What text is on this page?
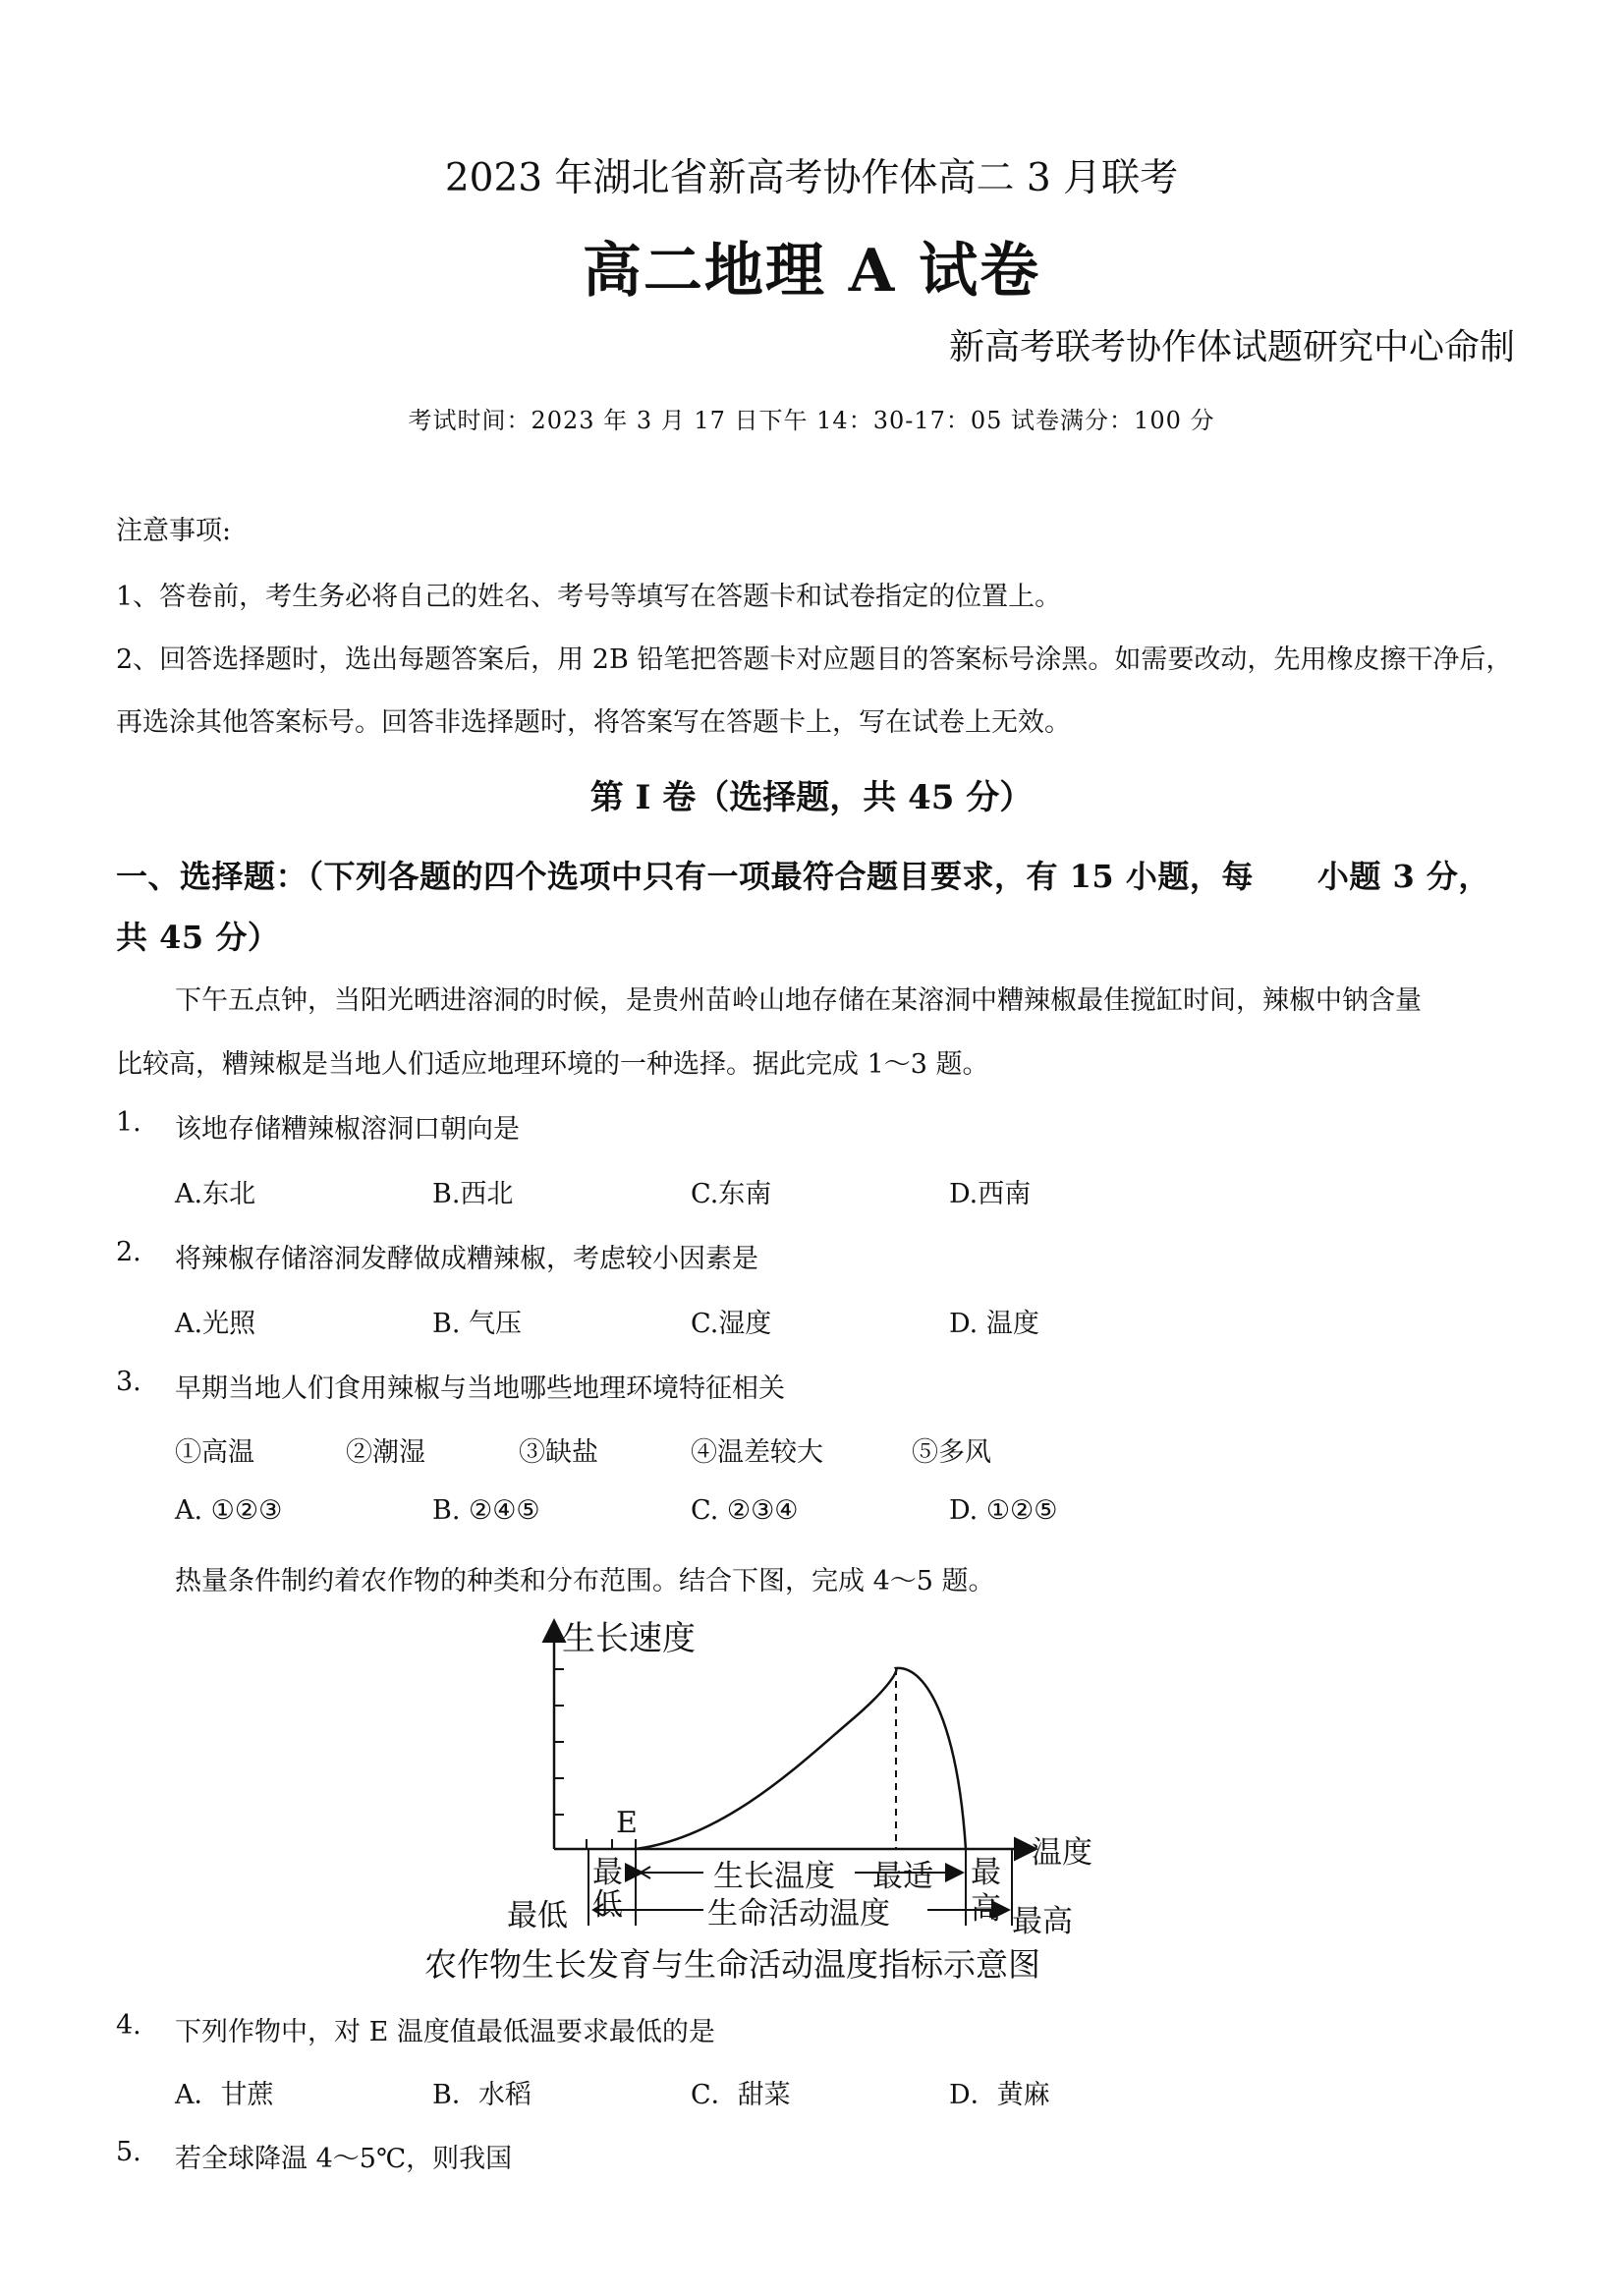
2023 年湖北省新高考协作体高二 3 月联考
高二地理 A 试卷
新高考联考协作体试题研究中心命制
考试时间：2023 年 3 月 17 日下午 14：30-17：05 试卷满分：100 分
注意事项:
1、答卷前，考生务必将自己的姓名、考号等填写在答题卡和试卷指定的位置上。
2、回答选择题时，选出每题答案后，用 2B 铅笔把答题卡对应题目的答案标号涂黑。如需要改动，先用橡皮擦干净后，
再选涂其他答案标号。回答非选择题时，将答案写在答题卡上，写在试卷上无效。
第 Ⅰ 卷（选择题，共 45 分）
一、选择题：（下列各题的四个选项中只有一项最符合题目要求，有 15 小题，每　　小题 3 分，共 45 分）
下午五点钟，当阳光晒进溶洞的时候，是贵州苗岭山地存储在某溶洞中糟辣椒最佳搅缸时间，辣椒中钠含量
比较高，糟辣椒是当地人们适应地理环境的一种选择。据此完成 1～3 题。
1. 该地存储糟辣椒溶洞口朝向是
A.东北	B.西北	C.东南	D.西南
2. 将辣椒存储溶洞发酵做成糟辣椒，考虑较小因素是
A.光照	B. 气压	C.湿度	D. 温度
3. 早期当地人们食用辣椒与当地哪些地理环境特征相关
①高温	②潮湿	③缺盐	④温差较大	⑤多风
A. ①②③	B. ②④⑤	C. ②③④	D. ①②⑤
热量条件制约着农作物的种类和分布范围。结合下图，完成 4～5 题。
生长速度
温度
E
最
低
最低
生长温度 最适
生命活动温度
最
高 最高
农作物生长发育与生命活动温度指标示意图
4. 下列作物中，对 E 温度值最低温要求最低的是
A．甘蔗	B．水稻	C．甜菜	D．黄麻
5. 若全球降温 4～5℃，则我国
